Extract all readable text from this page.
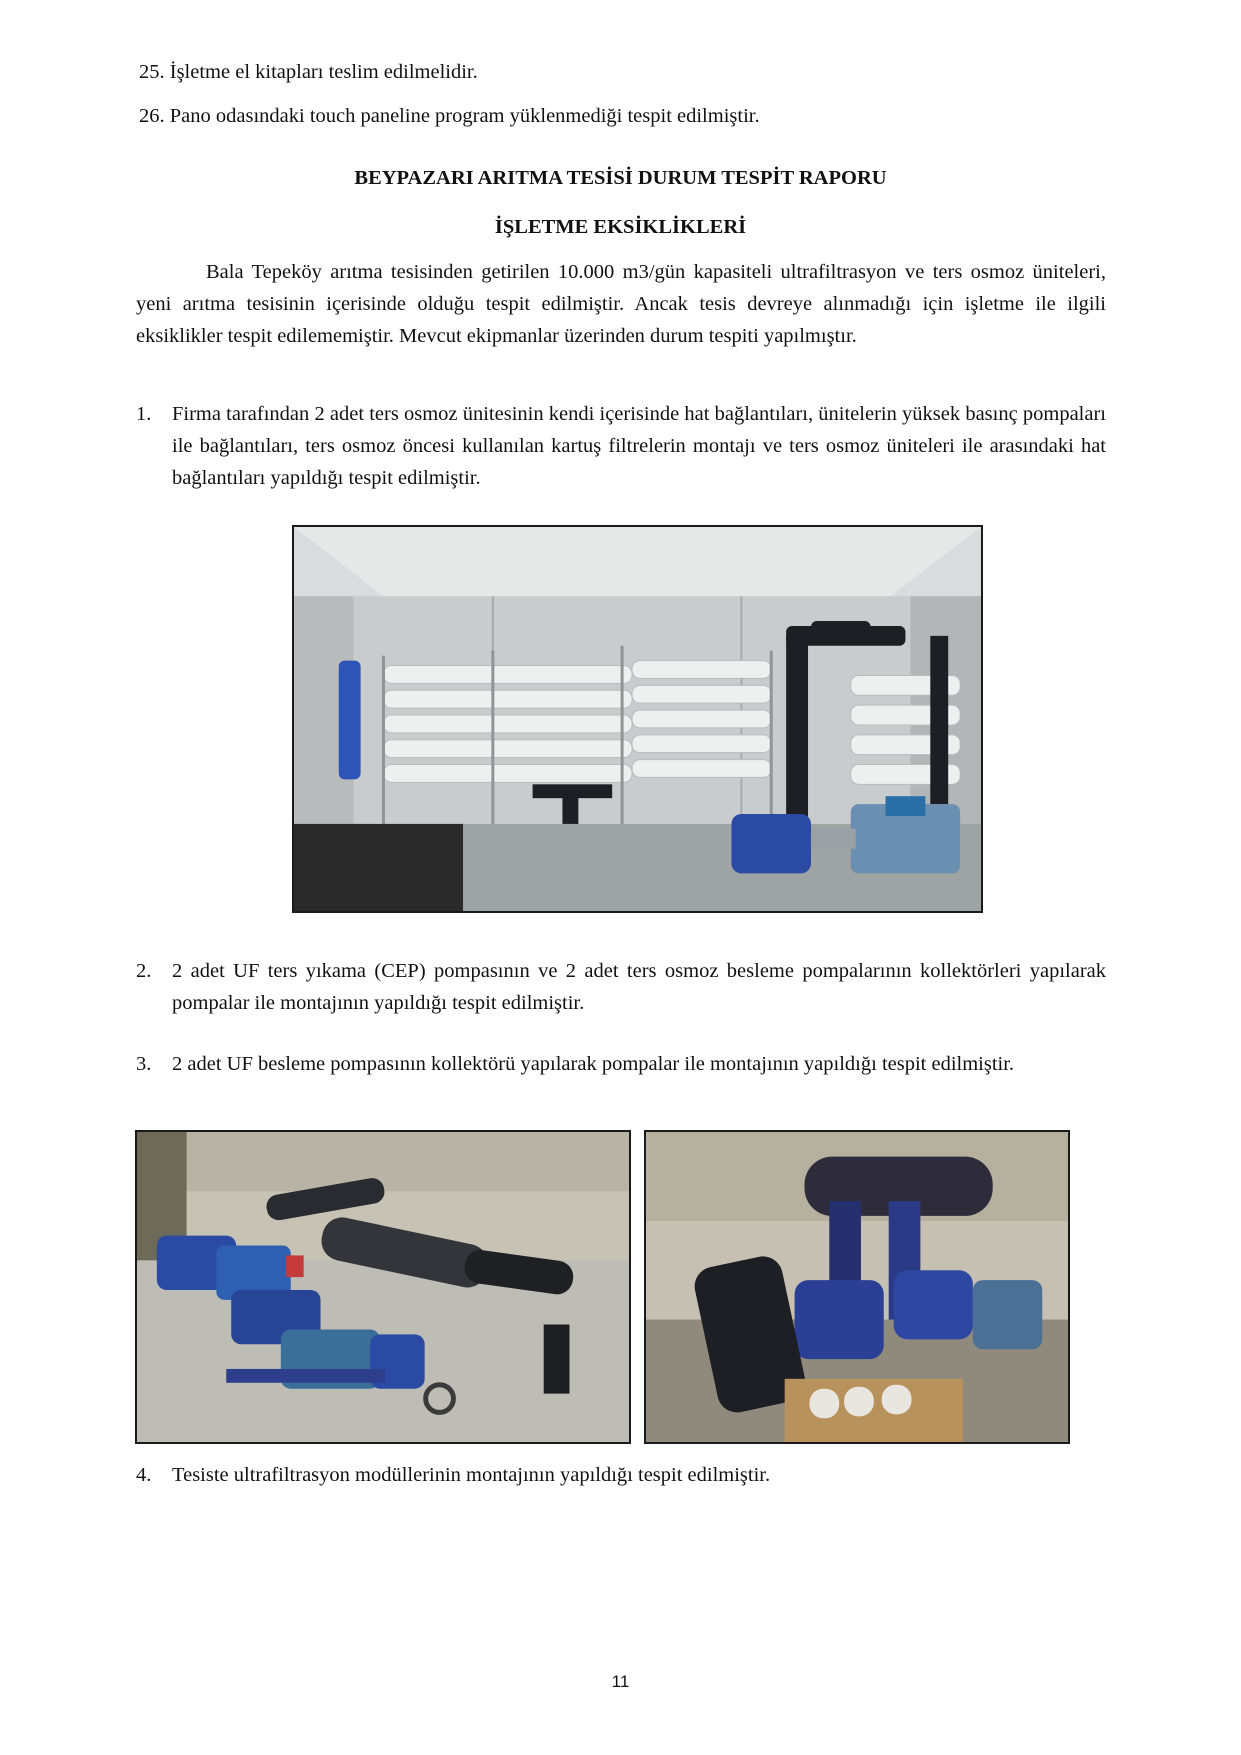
25. İşletme el kitapları teslim edilmelidir.
26. Pano odasındaki touch paneline program yüklenmediği tespit edilmiştir.
BEYPAZARI ARITMA TESİSİ DURUM TESPİT RAPORU
İŞLETME EKSİKLİKLERİ
Bala Tepeköy arıtma tesisinden getirilen 10.000 m3/gün kapasiteli ultrafiltrasyon ve ters osmoz üniteleri, yeni arıtma tesisinin içerisinde olduğu tespit edilmiştir. Ancak tesis devreye alınmadığı için işletme ile ilgili eksiklikler tespit edilememiştir. Mevcut ekipmanlar üzerinden durum tespiti yapılmıştır.
1. Firma tarafından 2 adet ters osmoz ünitesinin kendi içerisinde hat bağlantıları, ünitelerin yüksek basınç pompaları ile bağlantıları, ters osmoz öncesi kullanılan kartuş filtrelerin montajı ve ters osmoz üniteleri ile arasındaki hat bağlantıları yapıldığı tespit edilmiştir.
2. 2 adet UF ters yıkama (CEP) pompasının ve 2 adet ters osmoz besleme pompalarının kollektörleri yapılarak pompalar ile montajının yapıldığı tespit edilmiştir.
3. 2 adet UF besleme pompasının kollektörü yapılarak pompalar ile montajının yapıldığı tespit edilmiştir.
4. Tesiste ultrafiltrasyon modüllerinin montajının yapıldığı tespit edilmiştir.
11
